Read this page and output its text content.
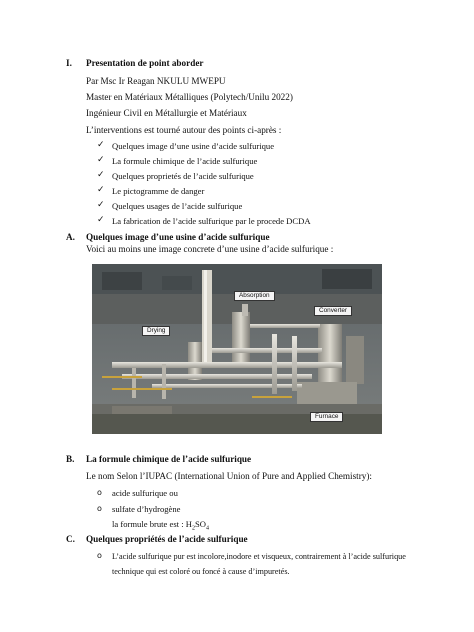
I. Presentation de point aborder
Par Msc Ir Reagan NKULU MWEPU
Master en Matériaux Métalliques (Polytech/Unilu 2022)
Ingénieur Civil en Métallurgie et Matériaux
L’interventions est tourné autour des points ci-après :
✓ Quelques image d’une usine d’acide sulfurique
✓ La formule chimique de l’acide sulfurique
✓ Quelques proprietés de l’acide sulfurique
✓ Le pictogramme de danger
✓ Quelques usages de l’acide sulfurique
✓ La fabrication de l’acide sulfurique par le procede DCDA
A. Quelques image d’une usine d’acide sulfurique
Voici au moins une image concrete d’une usine d’acide sulfurique :
Absorption
Converter
Drying
Furnace
B. La formule chimique de l’acide sulfurique
Le nom Selon l’IUPAC (International Union of Pure and Applied Chemistry):
o acide sulfurique ou
o sulfate d’hydrogène
la formule brute est : $H_2SO_4$
C. Quelques propriétés de l’acide sulfurique
o L’acide sulfurique pur est incolore,inodore et visqueux, contrairement à l’acide sulfurique
technique qui est coloré ou foncé à cause d’impuretés.
